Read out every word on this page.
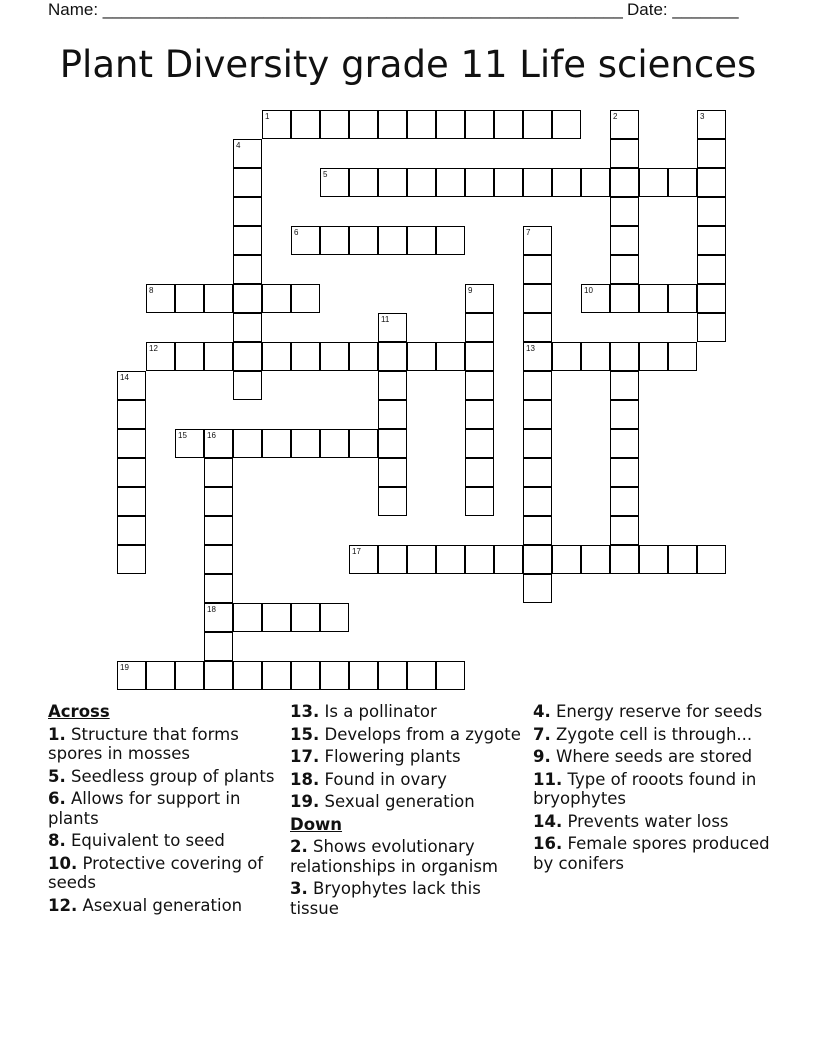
Name: _______________________________________________________ Date: _______
Plant Diversity grade 11 Life sciences
1	2	3
4
5
6	7
8	9	10
11
12	13
14
15	16
17
18
19
Across
1. Structure that forms spores in mosses
5. Seedless group of plants
6. Allows for support in plants
8. Equivalent to seed
10. Protective covering of seeds
12. Asexual generation
13. Is a pollinator
15. Develops from a zygote
17. Flowering plants
18. Found in ovary
19. Sexual generation
Down
2. Shows evolutionary relationships in organism
3. Bryophytes lack this tissue
4. Energy reserve for seeds
7. Zygote cell is through...
9. Where seeds are stored
11. Type of rooots found in bryophytes
14. Prevents water loss
16. Female spores produced by conifers
